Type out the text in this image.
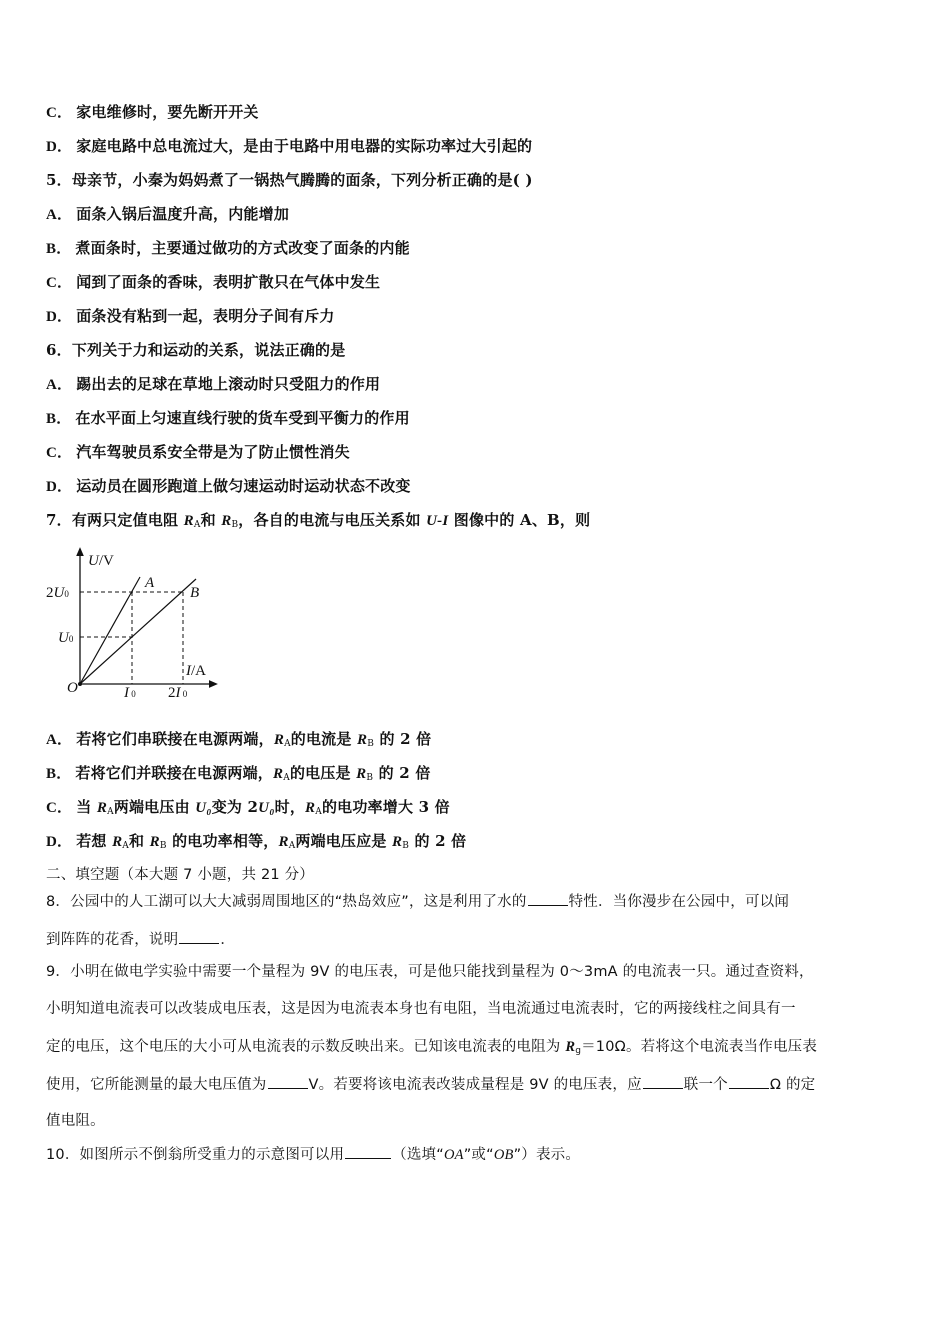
C． 家电维修时，要先断开开关
D． 家庭电路中总电流过大，是由于电路中用电器的实际功率过大引起的
5．母亲节，小秦为妈妈煮了一锅热气腾腾的面条，下列分析正确的是( )
A． 面条入锅后温度升高，内能增加
B． 煮面条时，主要通过做功的方式改变了面条的内能
C． 闻到了面条的香味，表明扩散只在气体中发生
D． 面条没有粘到一起，表明分子间有斥力
6．下列关于力和运动的关系，说法正确的是
A． 踢出去的足球在草地上滚动时只受阻力的作用
B． 在水平面上匀速直线行驶的货车受到平衡力的作用
C． 汽车驾驶员系安全带是为了防止惯性消失
D． 运动员在圆形跑道上做匀速运动时运动状态不改变
7．有两只定值电阻 $R_A$和 $R_B$，各自的电流与电压关系如 U-I 图像中的 A、B，则
U/V
A
B
2U0
U0
I/A
O	I 0 2I 0
A． 若将它们串联接在电源两端，$R_A$的电流是 $R_B$ 的 2 倍
B． 若将它们并联接在电源两端，$R_A$的电压是 $R_B$ 的 2 倍
C． 当 $R_A$两端电压由 U₀变为 2U₀时，$R_A$的电功率增大 3 倍
D． 若想 $R_A$和 $R_B$ 的电功率相等，$R_A$两端电压应是 $R_B$ 的 2 倍
二、填空题（本大题 7 小题，共 21 分）
8．公园中的人工湖可以大大减弱周围地区的“热岛效应”，这是利用了水的	特性．当你漫步在公园中，可以闻
到阵阵的花香，说明	．
9．小明在做电学实验中需要一个量程为 9V 的电压表，可是他只能找到量程为 0～3mA 的电流表一只。通过查资料，
小明知道电流表可以改装成电压表，这是因为电流表本身也有电阻，当电流通过电流表时，它的两接线柱之间具有一
定的电压，这个电压的大小可从电流表的示数反映出来。已知该电流表的电阻为 $R_g=10\Omega$。若将这个电流表当作电压表
使用，它所能测量的最大电压值为	V。若要将该电流表改装成量程是 9V 的电压表，应	联一个	Ω 的定
值电阻。
10．如图所示不倒翁所受重力的示意图可以用	（选填“OA”或“OB”）表示。
